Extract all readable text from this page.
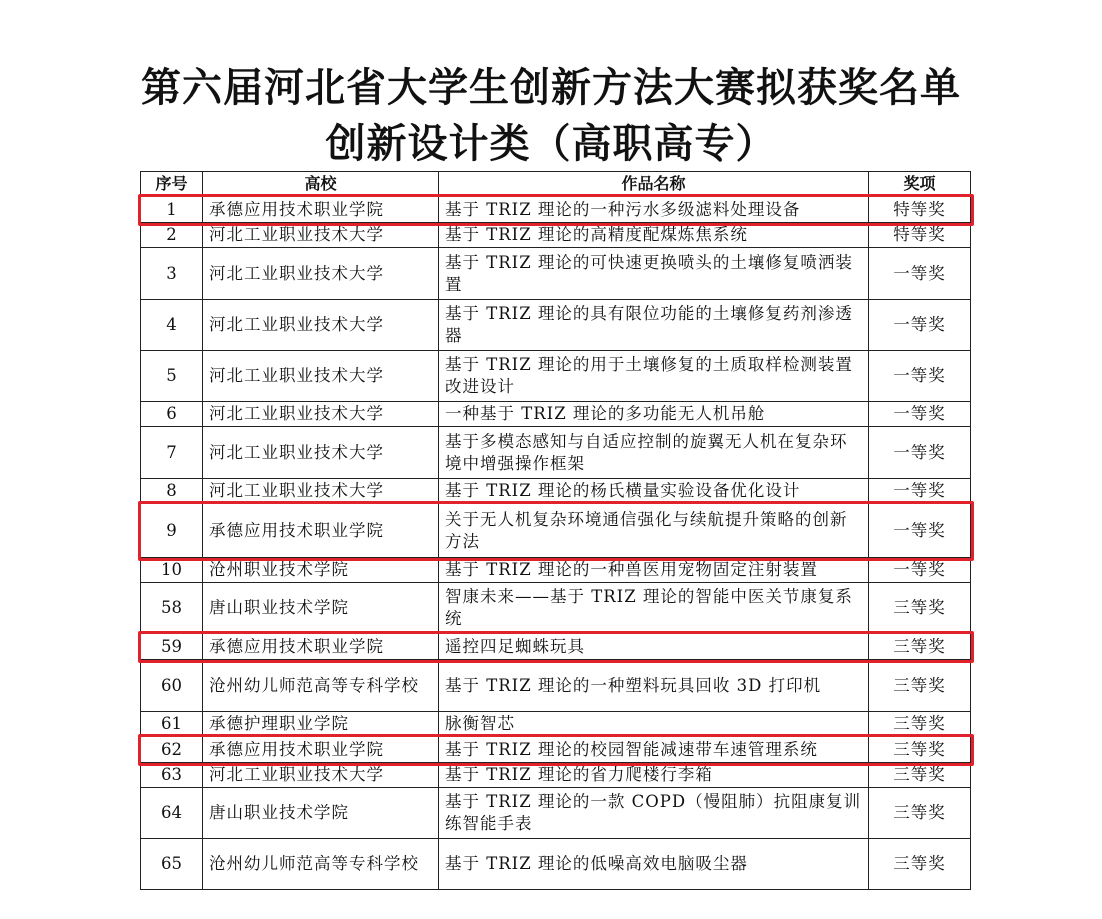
第六届河北省大学生创新方法大赛拟获奖名单
创新设计类（高职高专）
序号	高校	作品名称	奖项
1	承德应用技术职业学院	基于 TRIZ 理论的一种污水多级滤料处理设备	特等奖
2	河北工业职业技术大学	基于 TRIZ 理论的高精度配煤炼焦系统	特等奖
3	河北工业职业技术大学	基于 TRIZ 理论的可快速更换喷头的土壤修复喷洒装置	一等奖
4	河北工业职业技术大学	基于 TRIZ 理论的具有限位功能的土壤修复药剂渗透器	一等奖
5	河北工业职业技术大学	基于 TRIZ 理论的用于土壤修复的土质取样检测装置改进设计	一等奖
6	河北工业职业技术大学	一种基于 TRIZ 理论的多功能无人机吊舱	一等奖
7	河北工业职业技术大学	基于多模态感知与自适应控制的旋翼无人机在复杂环境中增强操作框架	一等奖
8	河北工业职业技术大学	基于 TRIZ 理论的杨氏横量实验设备优化设计	一等奖
9	承德应用技术职业学院	关于无人机复杂环境通信强化与续航提升策略的创新方法	一等奖
10	沧州职业技术学院	基于 TRIZ 理论的一种兽医用宠物固定注射装置	一等奖
58	唐山职业技术学院	智康未来——基于 TRIZ 理论的智能中医关节康复系统	三等奖
59	承德应用技术职业学院	遥控四足蜘蛛玩具	三等奖
60	沧州幼儿师范高等专科学校	基于 TRIZ 理论的一种塑料玩具回收 3D 打印机	三等奖
61	承德护理职业学院	脉衡智芯	三等奖
62	承德应用技术职业学院	基于 TRIZ 理论的校园智能减速带车速管理系统	三等奖
63	河北工业职业技术大学	基于 TRIZ 理论的省力爬楼行李箱	三等奖
64	唐山职业技术学院	基于 TRIZ 理论的一款 COPD（慢阻肺）抗阻康复训练智能手表	三等奖
65	沧州幼儿师范高等专科学校	基于 TRIZ 理论的低噪高效电脑吸尘器	三等奖
